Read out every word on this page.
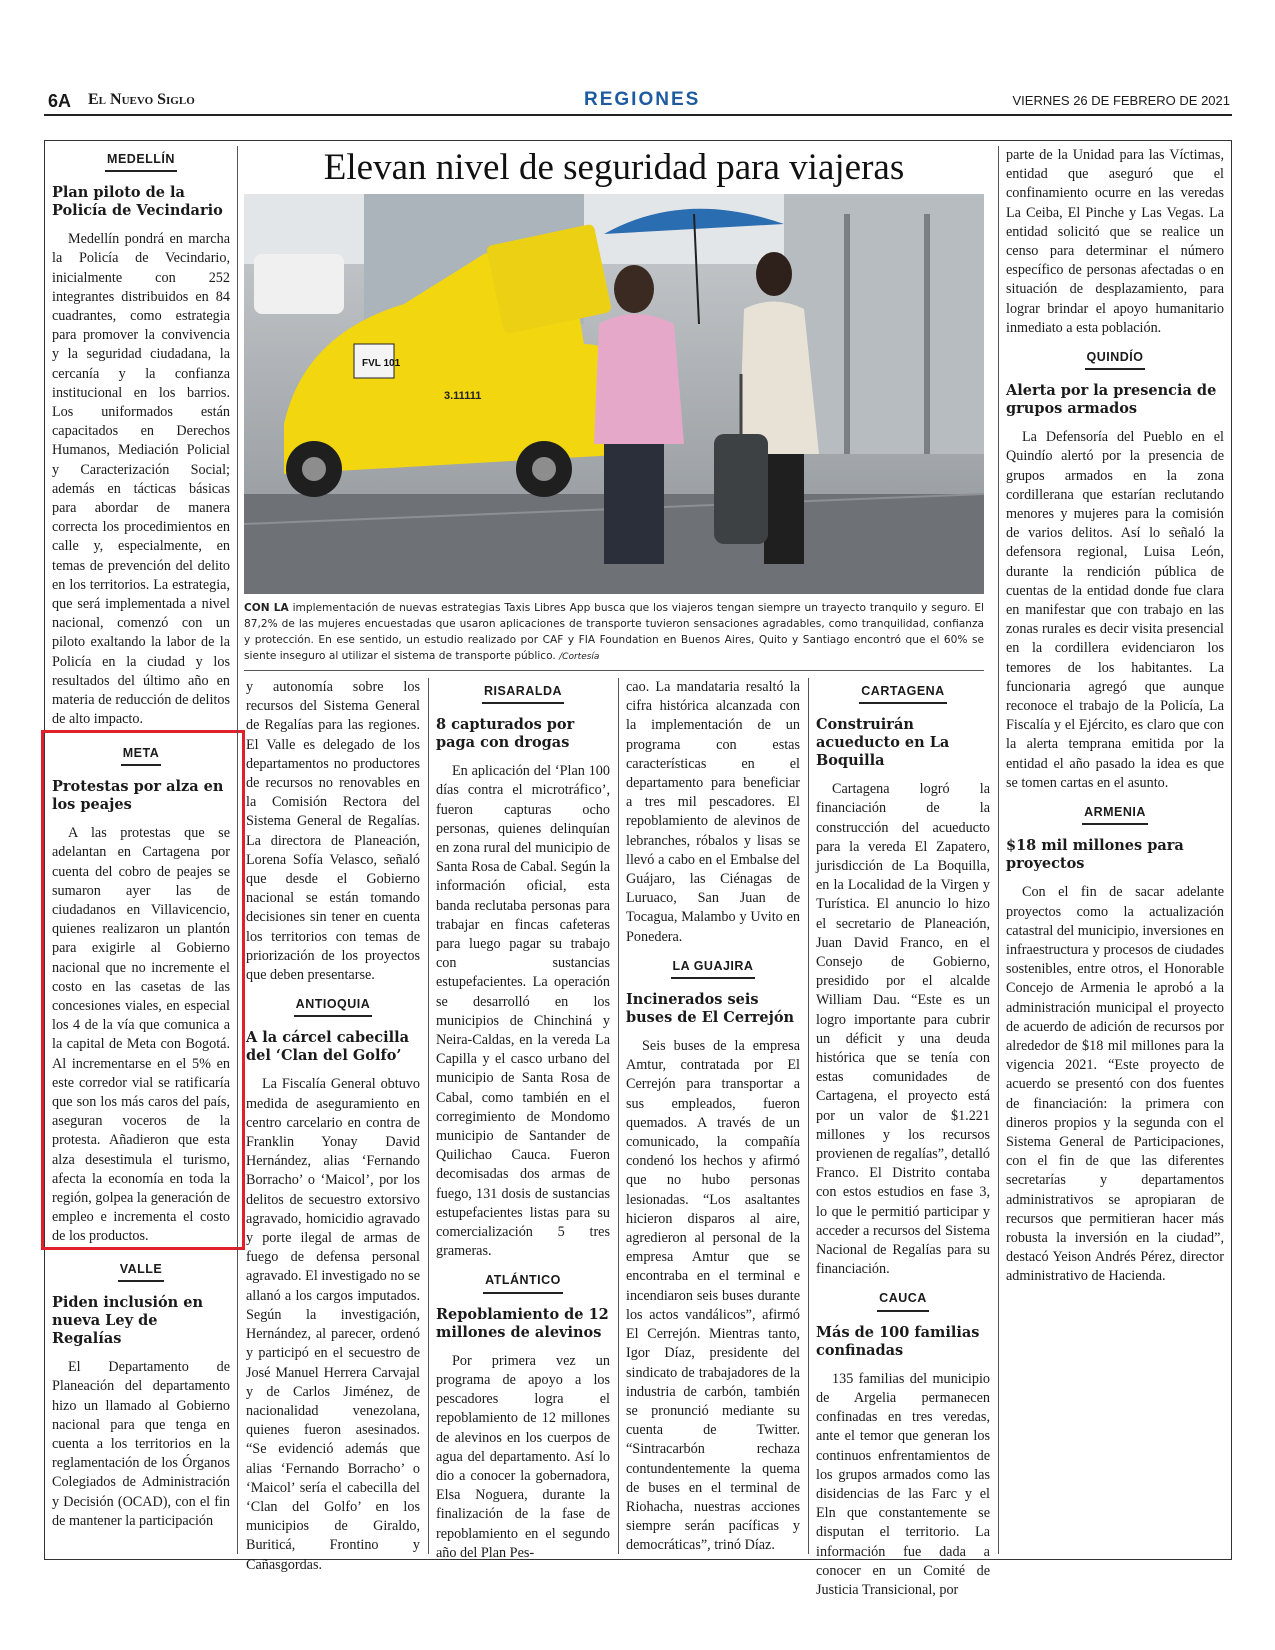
6A El Nuevo Siglo	REGIONES	VIERNES 26 DE FEBRERO DE 2021
MEDELLÍN
Plan piloto de la Policía de Vecindario

Medellín pondrá en marcha la Policía de Vecindario, inicialmente con 252 integrantes distribuidos en 84 cuadrantes, como estrategia para promover la convivencia y la seguridad ciudadana, la cercanía y la confianza institucional en los barrios. Los uniformados están capacitados en Derechos Humanos, Mediación Policial y Caracterización Social; además en tácticas básicas para abordar de manera correcta los procedimientos en calle y, especialmente, en temas de prevención del delito en los territorios. La estrategia, que será implementada a nivel nacional, comenzó con un piloto exaltando la labor de la Policía en la ciudad y los resultados del último año en materia de reducción de delitos de alto impacto.

META
Protestas por alza en los peajes

A las protestas que se adelantan en Cartagena por cuenta del cobro de peajes se sumaron ayer las de ciudadanos en Villavicencio, quienes realizaron un plantón para exigirle al Gobierno nacional que no incremente el costo en las casetas de las concesiones viales, en especial los 4 de la vía que comunica a la capital de Meta con Bogotá. Al incrementarse en el 5% en este corredor vial se ratificaría que son los más caros del país, aseguran voceros de la protesta. Añadieron que esta alza desestimula el turismo, afecta la economía en toda la región, golpea la generación de empleo e incrementa el costo de los productos.

VALLE
Piden inclusión en nueva Ley de Regalías

El Departamento de Planeación del departamento hizo un llamado al Gobierno nacional para que tenga en cuenta a los territorios en la reglamentación de los Órganos Colegiados de Administración y Decisión (OCAD), con el fin de mantener la participación

Elevan nivel de seguridad para viajeras
FVL 101
3.11111
CON LA implementación de nuevas estrategias Taxis Libres App busca que los viajeros tengan siempre un trayecto tranquilo y seguro. El 87,2% de las mujeres encuestadas que usaron aplicaciones de transporte tuvieron sensaciones agradables, como tranquilidad, confianza y protección. En ese sentido, un estudio realizado por CAF y FIA Foundation en Buenos Aires, Quito y Santiago encontró que el 60% se siente inseguro al utilizar el sistema de transporte público. /Cortesía

y autonomía sobre los recursos del Sistema General de Regalías para las regiones. El Valle es delegado de los departamentos no productores de recursos no renovables en la Comisión Rectora del Sistema General de Regalías. La directora de Planeación, Lorena Sofía Velasco, señaló que desde el Gobierno nacional se están tomando decisiones sin tener en cuenta los territorios con temas de priorización de los proyectos que deben presentarse.

ANTIOQUIA
A la cárcel cabecilla del ‘Clan del Golfo’

La Fiscalía General obtuvo medida de aseguramiento en centro carcelario en contra de Franklin Yonay David Hernández, alias ‘Fernando Borracho’ o ‘Maicol’, por los delitos de secuestro extorsivo agravado, homicidio agravado y porte ilegal de armas de fuego de defensa personal agravado. El investigado no se allanó a los cargos imputados. Según la investigación, Hernández, al parecer, ordenó y participó en el secuestro de José Manuel Herrera Carvajal y de Carlos Jiménez, de nacionalidad venezolana, quienes fueron asesinados. “Se evidenció además que alias ‘Fernando Borracho’ o ‘Maicol’ sería el cabecilla del ‘Clan del Golfo’ en los municipios de Giraldo, Buriticá, Frontino y Cañasgordas.

RISARALDA
8 capturados por paga con drogas

En aplicación del ‘Plan 100 días contra el microtráfico’, fueron capturas ocho personas, quienes delinquían en zona rural del municipio de Santa Rosa de Cabal. Según la información oficial, esta banda reclutaba personas para trabajar en fincas cafeteras para luego pagar su trabajo con sustancias estupefacientes. La operación se desarrolló en los municipios de Chinchiná y Neira-Caldas, en la vereda La Capilla y el casco urbano del municipio de Santa Rosa de Cabal, como también en el corregimiento de Mondomo municipio de Santander de Quilichao Cauca. Fueron decomisadas dos armas de fuego, 131 dosis de sustancias estupefacientes listas para su comercialización 5 tres grameras.

ATLÁNTICO
Repoblamiento de 12 millones de alevinos

Por primera vez un programa de apoyo a los pescadores logra el repoblamiento de 12 millones de alevinos en los cuerpos de agua del departamento. Así lo dio a conocer la gobernadora, Elsa Noguera, durante la finalización de la fase de repoblamiento en el segundo año del Plan Pes-

cao. La mandataria resaltó la cifra histórica alcanzada con la implementación de un programa con estas características en el departamento para beneficiar a tres mil pescadores. El repoblamiento de alevinos de lebranches, róbalos y lisas se llevó a cabo en el Embalse del Guájaro, las Ciénagas de Luruaco, San Juan de Tocagua, Malambo y Uvito en Ponedera.

LA GUAJIRA
Incinerados seis buses de El Cerrejón

Seis buses de la empresa Amtur, contratada por El Cerrejón para transportar a sus empleados, fueron quemados. A través de un comunicado, la compañía condenó los hechos y afirmó que no hubo personas lesionadas. “Los asaltantes hicieron disparos al aire, agredieron al personal de la empresa Amtur que se encontraba en el terminal e incendiaron seis buses durante los actos vandálicos”, afirmó El Cerrejón. Mientras tanto, Igor Díaz, presidente del sindicato de trabajadores de la industria de carbón, también se pronunció mediante su cuenta de Twitter. “Sintracarbón rechaza contundentemente la quema de buses en el terminal de Riohacha, nuestras acciones siempre serán pacíficas y democráticas”, trinó Díaz.

CARTAGENA
Construirán acueducto en La Boquilla

Cartagena logró la financiación de la construcción del acueducto para la vereda El Zapatero, jurisdicción de La Boquilla, en la Localidad de la Virgen y Turística. El anuncio lo hizo el secretario de Planeación, Juan David Franco, en el Consejo de Gobierno, presidido por el alcalde William Dau. “Este es un logro importante para cubrir un déficit y una deuda histórica que se tenía con estas comunidades de Cartagena, el proyecto está por un valor de $1.221 millones y los recursos provienen de regalías”, detalló Franco. El Distrito contaba con estos estudios en fase 3, lo que le permitió participar y acceder a recursos del Sistema Nacional de Regalías para su financiación.

CAUCA
Más de 100 familias confinadas

135 familias del municipio de Argelia permanecen confinadas en tres veredas, ante el temor que generan los continuos enfrentamientos de los grupos armados como las disidencias de las Farc y el Eln que constantemente se disputan el territorio. La información fue dada a conocer en un Comité de Justicia Transicional, por

parte de la Unidad para las Víctimas, entidad que aseguró que el confinamiento ocurre en las veredas La Ceiba, El Pinche y Las Vegas. La entidad solicitó que se realice un censo para determinar el número específico de personas afectadas o en situación de desplazamiento, para lograr brindar el apoyo humanitario inmediato a esta población.

QUINDÍO
Alerta por la presencia de grupos armados

La Defensoría del Pueblo en el Quindío alertó por la presencia de grupos armados en la zona cordillerana que estarían reclutando menores y mujeres para la comisión de varios delitos. Así lo señaló la defensora regional, Luisa León, durante la rendición pública de cuentas de la entidad donde fue clara en manifestar que con trabajo en las zonas rurales es decir visita presencial en la cordillera evidenciaron los temores de los habitantes. La funcionaria agregó que aunque reconoce el trabajo de la Policía, La Fiscalía y el Ejército, es claro que con la alerta temprana emitida por la entidad el año pasado la idea es que se tomen cartas en el asunto.

ARMENIA
$18 mil millones para proyectos

Con el fin de sacar adelante proyectos como la actualización catastral del municipio, inversiones en infraestructura y procesos de ciudades sostenibles, entre otros, el Honorable Concejo de Armenia le aprobó a la administración municipal el proyecto de acuerdo de adición de recursos por alrededor de $18 mil millones para la vigencia 2021. “Este proyecto de acuerdo se presentó con dos fuentes de financiación: la primera con dineros propios y la segunda con el Sistema General de Participaciones, con el fin de que las diferentes secretarías y departamentos administrativos se apropiaran de recursos que permitieran hacer más robusta la inversión en la ciudad”, destacó Yeison Andrés Pérez, director administrativo de Hacienda.
